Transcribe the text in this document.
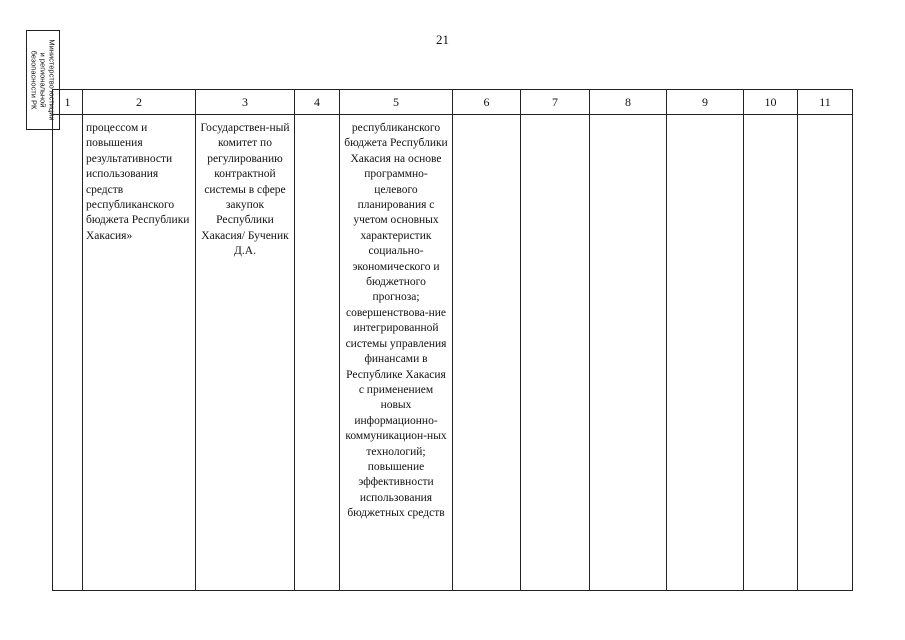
21
Министерство юстиции
и региональной
безопасности РК 1	2	3	4	5	6	7	8	9	10	11

	процессом и повышения результативности использования средств республиканского бюджета Республики Хакасия»	Государствен-ный комитет по регулированию контрактной системы в сфере закупок Республики Хакасия/ Бученик Д.А.		республиканского бюджета Республики Хакасия на основе программно-целевого планирования с учетом основных характеристик социально-экономического и бюджетного прогноза; совершенствова-ние интегрированной системы управления финансами в Республике Хакасия с применением новых информационно-коммуникацион-ных технологий; повышение эффективности использования бюджетных средств						
